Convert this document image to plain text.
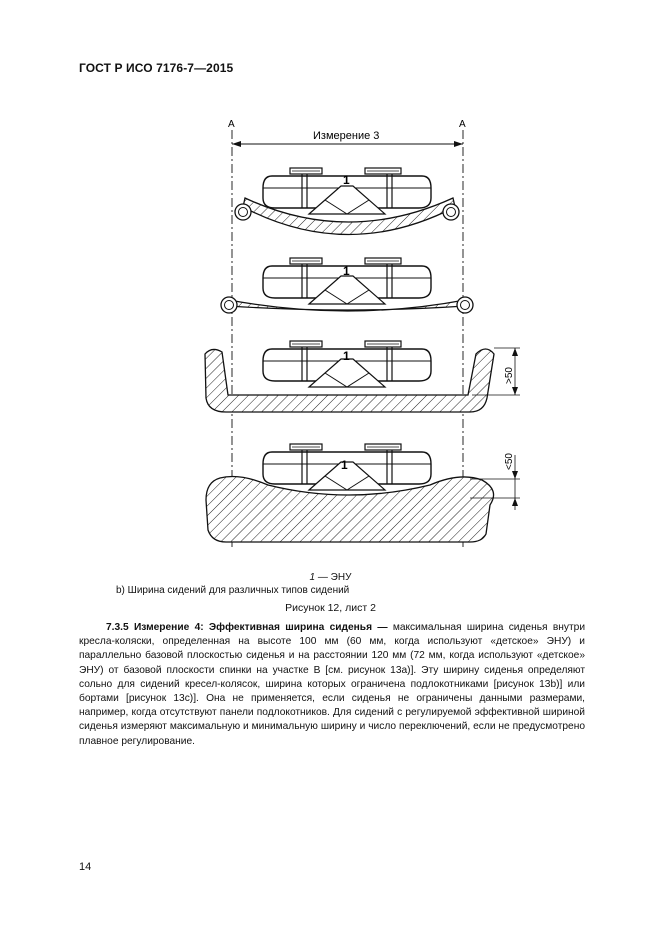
ГОСТ Р ИСО 7176-7—2015
A	A
Измерение 3
1
1
1
>50
1	<50
1 — ЭНУ
b) Ширина сидений для различных типов сидений
Рисунок 12, лист 2

7.3.5 Измерение 4: Эффективная ширина сиденья — максимальная ширина сиденья внутри кресла-коляски, определенная на высоте 100 мм (60 мм, когда используют «детское» ЭНУ) и параллельно базовой плоскостью сиденья и на расстоянии 120 мм (72 мм, когда используют «детское» ЭНУ) от базовой плоскости спинки на участке В [см. рисунок 13а)]. Эту ширину сиденья определяют сольно для сидений кресел-колясок, ширина которых ограничена подлокотниками [рисунок 13b)] или бортами [рисунок 13с)]. Она не применяется, если сиденья не ограничены данными размерами, например, когда отсутствуют панели подлокотников. Для сидений с регулируемой эффективной шириной сиденья измеряют максимальную и минимальную ширину и число переключений, если не предусмотрено плавное регулирование.

14
